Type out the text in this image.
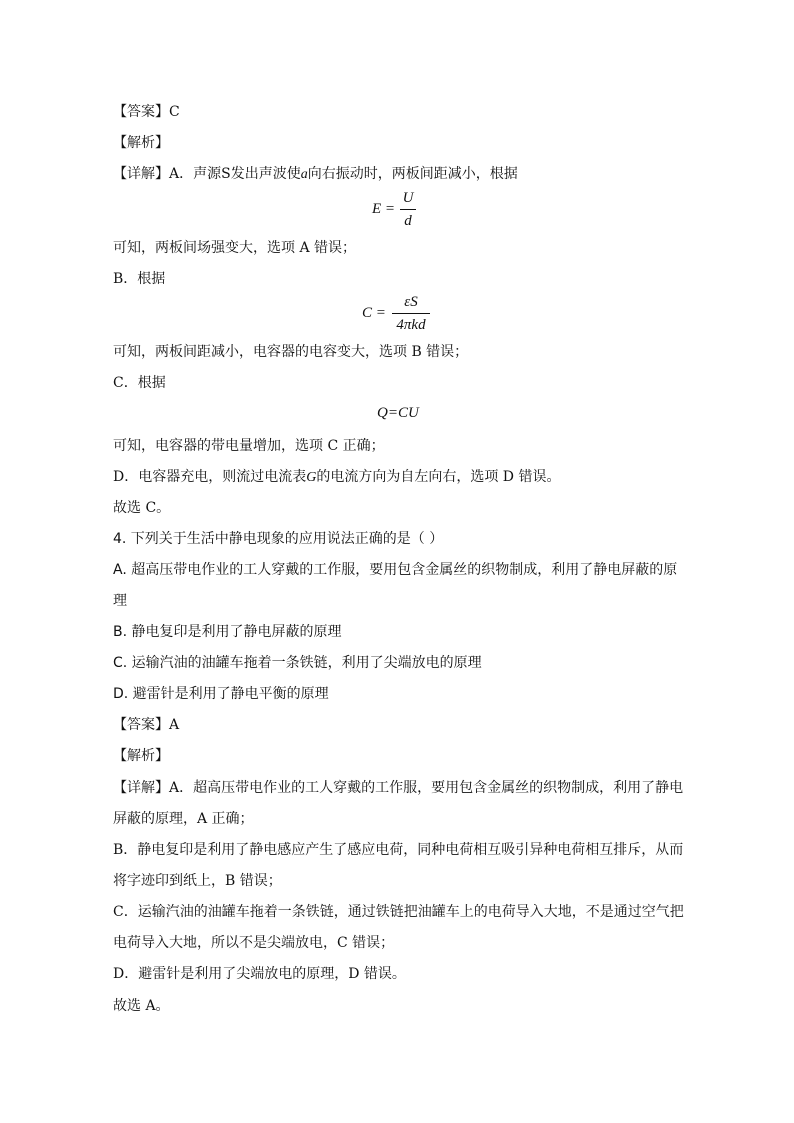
【答案】C
【解析】
【详解】A．声源S发出声波使a向右振动时，两板间距减小，根据
E =
U
d
可知，两板间场强变大，选项 A 错误；
B．根据
C =
εS
4πkd
可知，两板间距减小，电容器的电容变大，选项 B 错误；
C．根据
Q=CU
可知，电容器的带电量增加，选项 C 正确；
D．电容器充电，则流过电流表G的电流方向为自左向右，选项 D 错误。
故选 C。
4. 下列关于生活中静电现象的应用说法正确的是（ ）
A. 超高压带电作业的工人穿戴的工作服，要用包含金属丝的织物制成，利用了静电屏蔽的原
理
B. 静电复印是利用了静电屏蔽的原理
C. 运输汽油的油罐车拖着一条铁链，利用了尖端放电的原理
D. 避雷针是利用了静电平衡的原理
【答案】A
【解析】
【详解】A．超高压带电作业的工人穿戴的工作服，要用包含金属丝的织物制成，利用了静电
屏蔽的原理，A 正确；
B．静电复印是利用了静电感应产生了感应电荷，同种电荷相互吸引异种电荷相互排斥，从而
将字迹印到纸上，B 错误；
C．运输汽油的油罐车拖着一条铁链，通过铁链把油罐车上的电荷导入大地，不是通过空气把
电荷导入大地，所以不是尖端放电，C 错误；
D．避雷针是利用了尖端放电的原理，D 错误。
故选 A。
